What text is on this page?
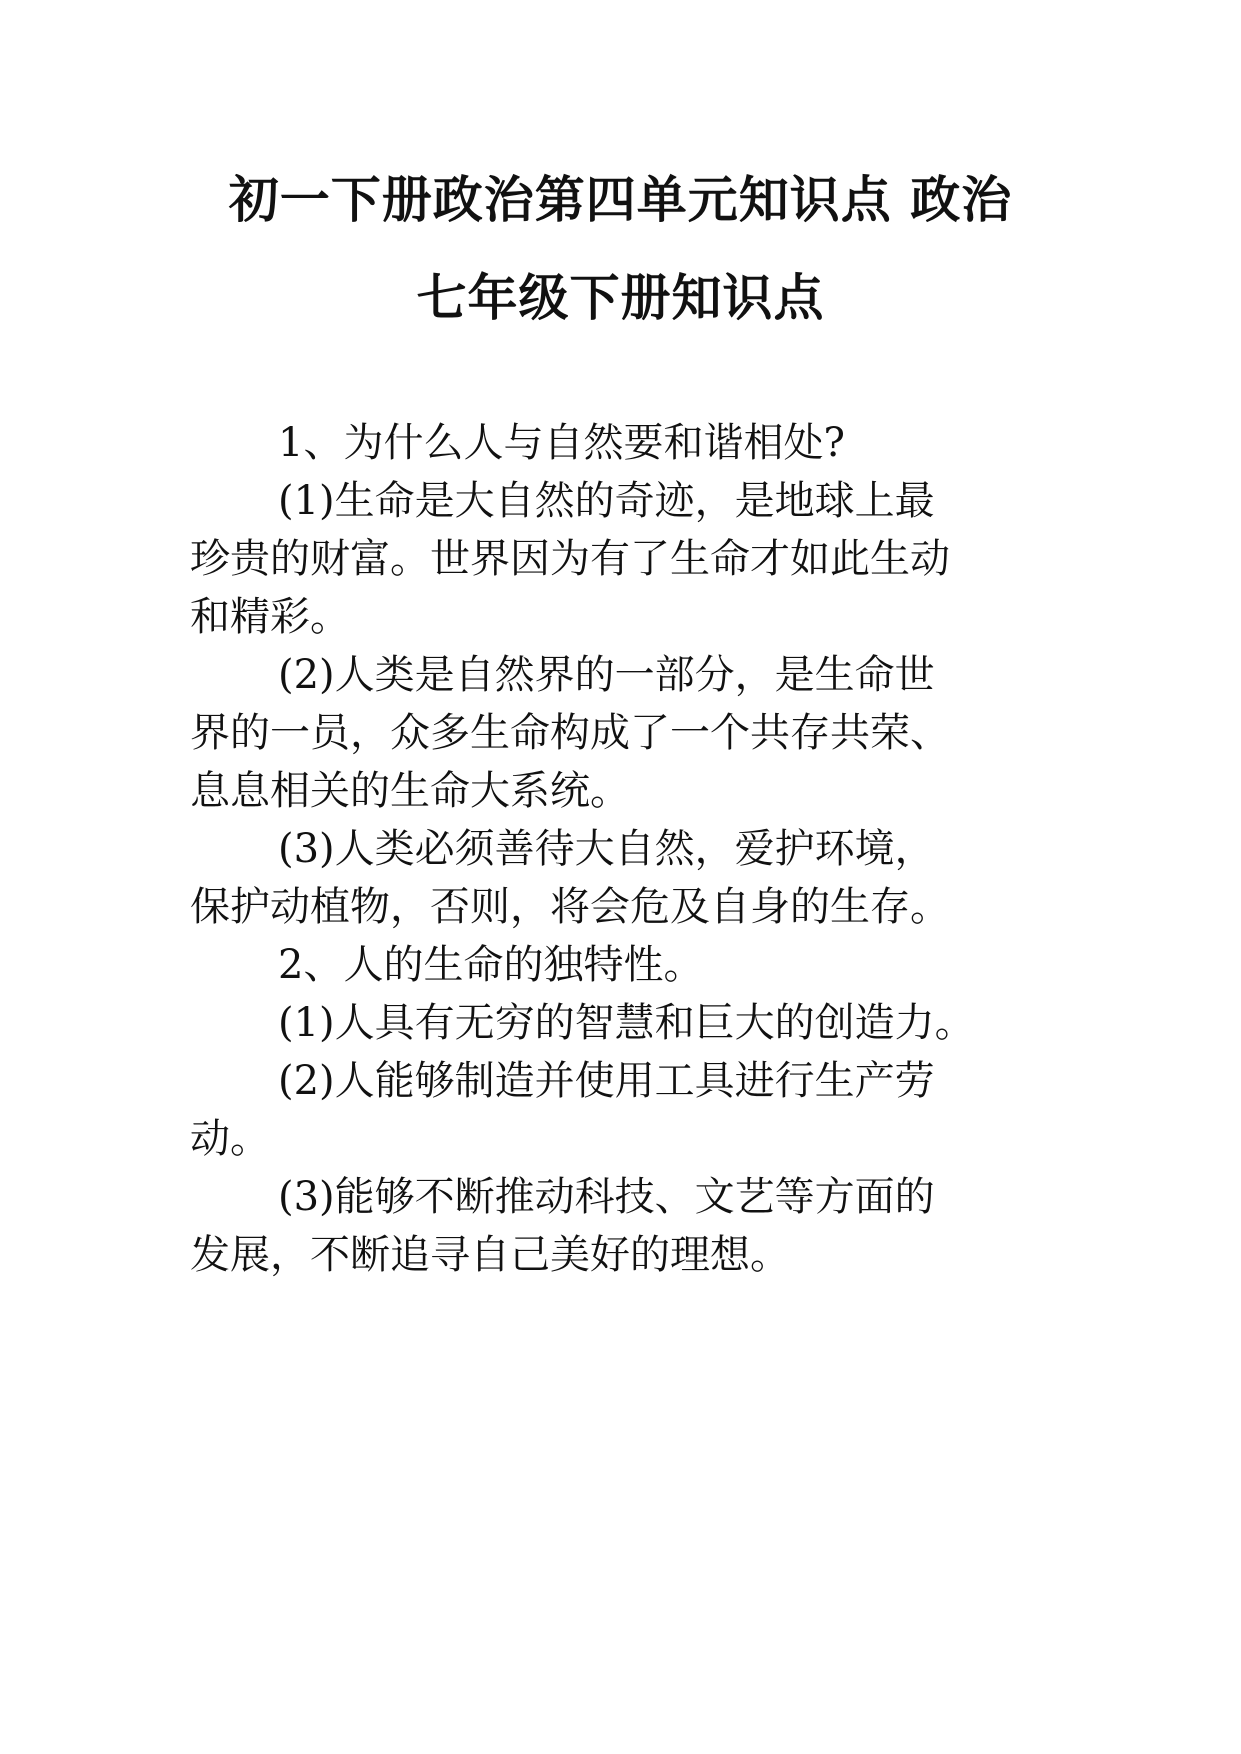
初一下册政治第四单元知识点 政治
七年级下册知识点
1、为什么人与自然要和谐相处?
(1)生命是大自然的奇迹，是地球上最
珍贵的财富。世界因为有了生命才如此生动
和精彩。
(2)人类是自然界的一部分，是生命世
界的一员，众多生命构成了一个共存共荣、
息息相关的生命大系统。
(3)人类必须善待大自然，爱护环境，
保护动植物，否则，将会危及自身的生存。
2、人的生命的独特性。
(1)人具有无穷的智慧和巨大的创造力。
(2)人能够制造并使用工具进行生产劳
动。
(3)能够不断推动科技、文艺等方面的
发展，不断追寻自己美好的理想。
